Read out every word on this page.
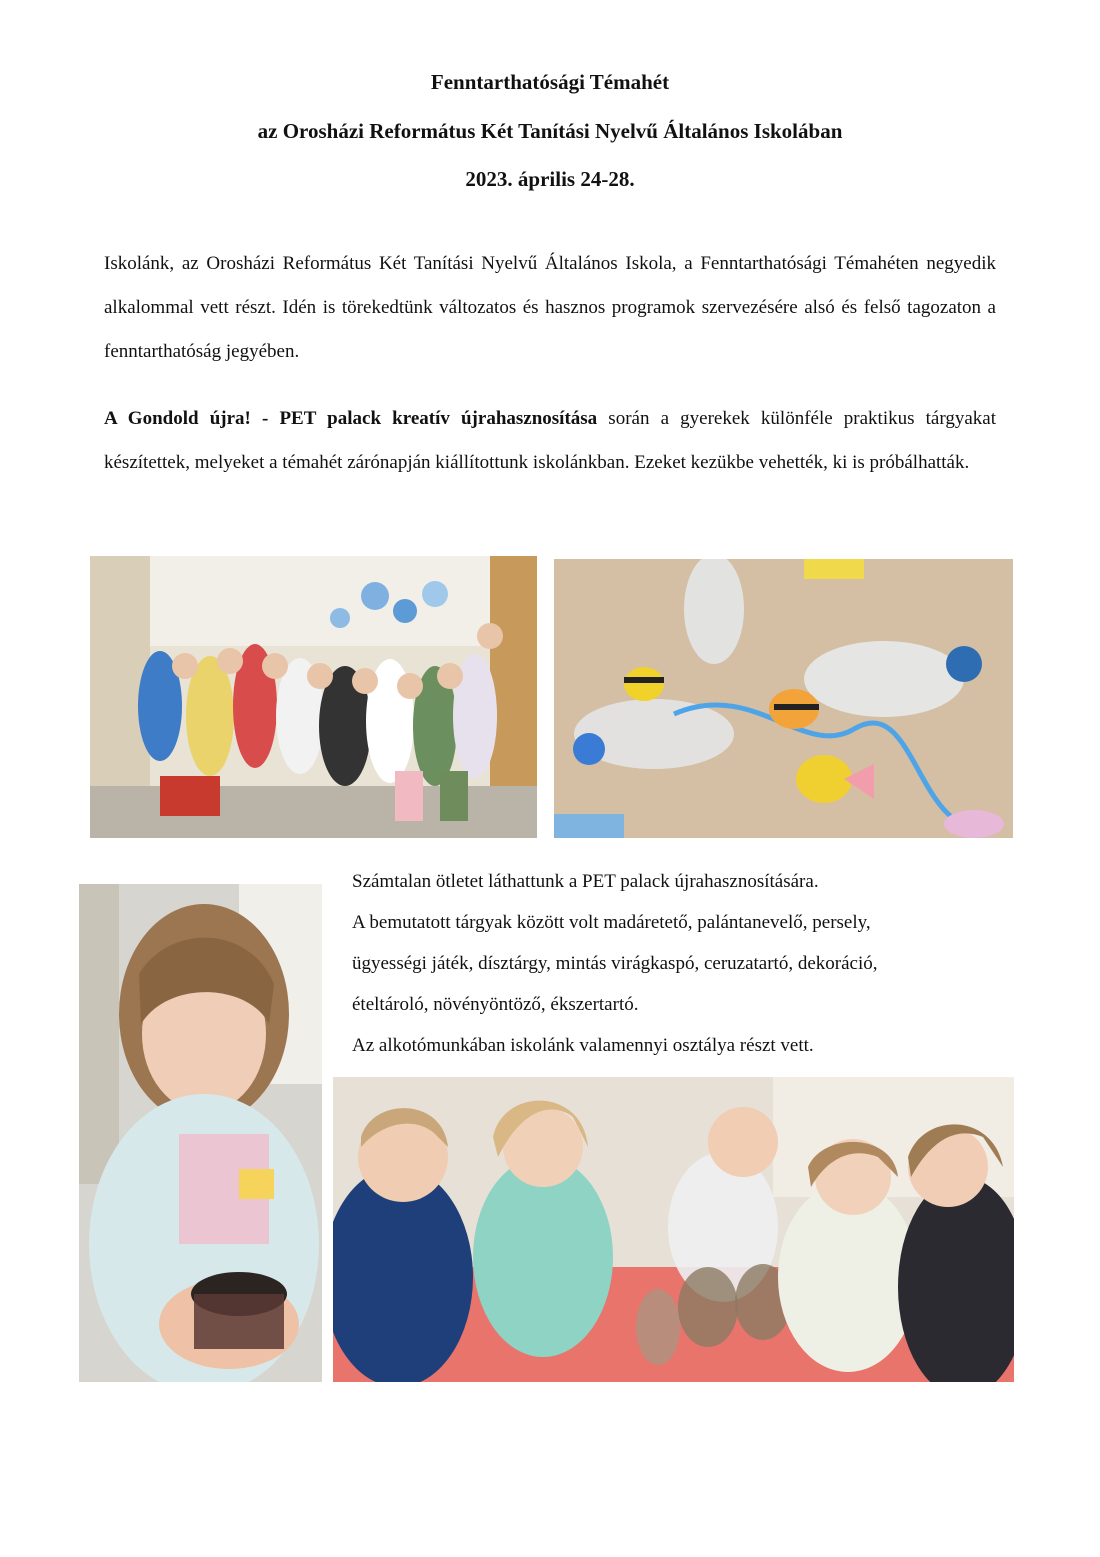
Fenntarthatósági Témahét
az Orosházi Református Két Tanítási Nyelvű Általános Iskolában
2023. április 24-28.

Iskolánk, az Orosházi Református Két Tanítási Nyelvű Általános Iskola, a Fenntarthatósági Témahéten negyedik alkalommal vett részt. Idén is törekedtünk változatos és hasznos programok szervezésére alsó és felső tagozaton a fenntarthatóság jegyében.

A Gondold újra! - PET palack kreatív újrahasznosítása során a gyerekek különféle praktikus tárgyakat készítettek, melyeket a témahét zárónapján kiállítottunk iskolánkban. Ezeket kezükbe vehették, ki is próbálhatták.

Számtalan ötletet láthattunk a PET palack újrahasznosítására.
A bemutatott tárgyak között volt madáretető, palántanevelő, persely,
ügyességi játék, dísztárgy, mintás virágkaspó, ceruzatartó, dekoráció,
ételtároló, növényöntöző, ékszertartó.
Az alkotómunkában iskolánk valamennyi osztálya részt vett.
